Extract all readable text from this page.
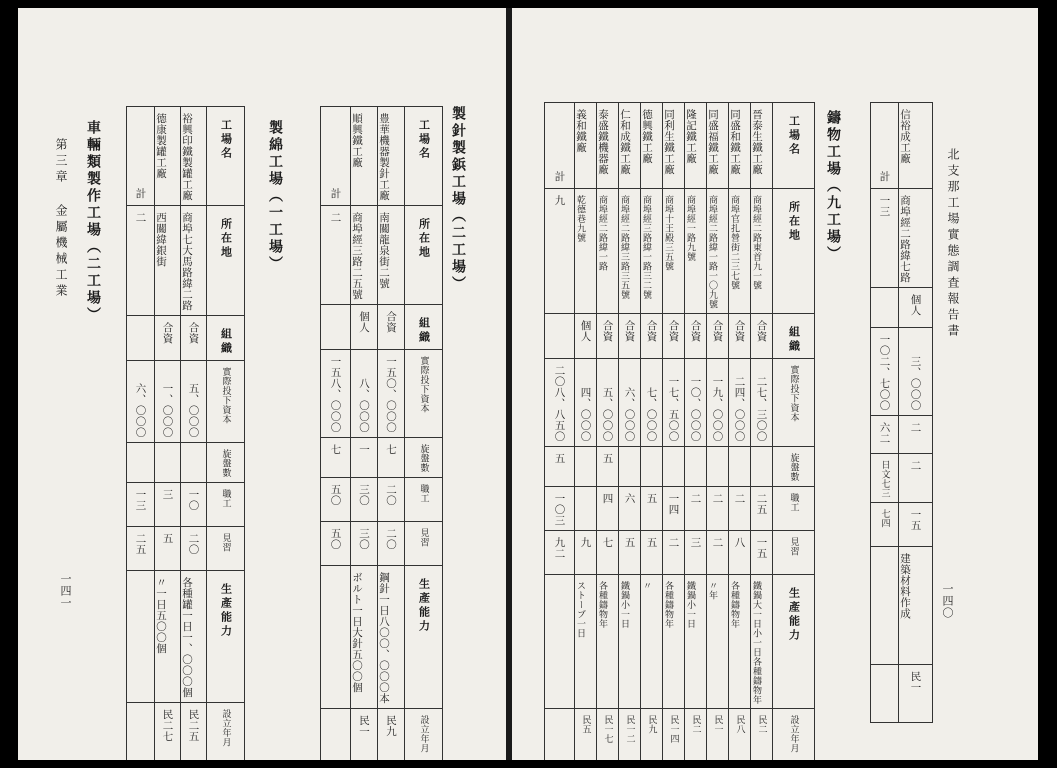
第三章 金屬機械工業
一四一
車輛類製作工場（二工場）	製綿工場（一工場）	製針製鋲工場（二工場）
計	德康製罐工廠	裕興印鐵製罐工廠	工場名
二	西關緯銀街	商埠七大馬路緯二路	所在地
	合資	合資	組織
六、〇〇〇	一、〇〇〇	五、〇〇〇	實際投下資本
			旋盤數
一三	三	一〇	職工
二五	五	二〇	見習
	〃一日五〇〇個	各種罐一日一、〇〇〇個	生產能力
	民二七	民二五	設立年月
計	順興鐵工廠	豊華機器製針工廠	工場名
二	商埠經三路二五號	南關龍泉街二號	所在地
	個人	合資	組織
一五八、〇〇〇	八、〇〇〇	一五〇、〇〇〇	實際投下資本
七	一	七	旋盤數
五〇	三〇	二〇	職工
五〇	三〇	二〇	見習
	ボルト一日大針五〇〇個	鋼針一日八〇〇、〇〇〇本	生產能力
	民一	民九	設立年月
北支那工場實態調査報告書
一四〇
鑄物工場（九工場）	計	信裕成工廠
一三	商埠經二路緯七路
	個人
一〇二、七〇〇	三、〇〇〇
六二	二
日文七三	二
七四	一五
	建築材料作成
	民一
計	義和鐵廠	泰盛鐵機器廠	仁和成鐵工廠	德興鐵工廠	同利生鐵工廠	隆記鐵工廠	同盛福鐵工廠	同盛和鐵工廠	晉泰生鐵工廠	工場名
九	乾德巷九號	商埠經二路緯一路	商埠經二路緯三路三五號	商埠經三路緯一路三二號	商埠十王殿三五號	商埠經一路九號	商埠經二路緯一路一〇九號	商埠官扎營街二三七號	商埠經二路東首九一號	所在地
	個人	合資	合資	合資	合資	合資	合資	合資	合資	組織
二〇八、八五〇	四、〇〇〇	五、〇〇〇	六、〇〇〇	七、〇〇〇	一七、五〇〇	一〇、〇〇〇	一九、〇〇〇	二四、〇〇〇	二七、三〇〇	實際投下資本
五		五								旋盤數
一〇三		四	六	五	一四	二	二	二	二五	職工
九二	九	七	五	五	二	三	二	八	一五	見習
	ストーブ一日	各種鑄物年	鐵鍋小一日	〃	各種鑄物年	鐵鍋小一日	〃年	各種鑄物年	鐵鍋大一日小一日各種鑄物年	生產能力
	民五	民一七	民一二	民九	民一四	民二	民一	民八	民二	設立年月
